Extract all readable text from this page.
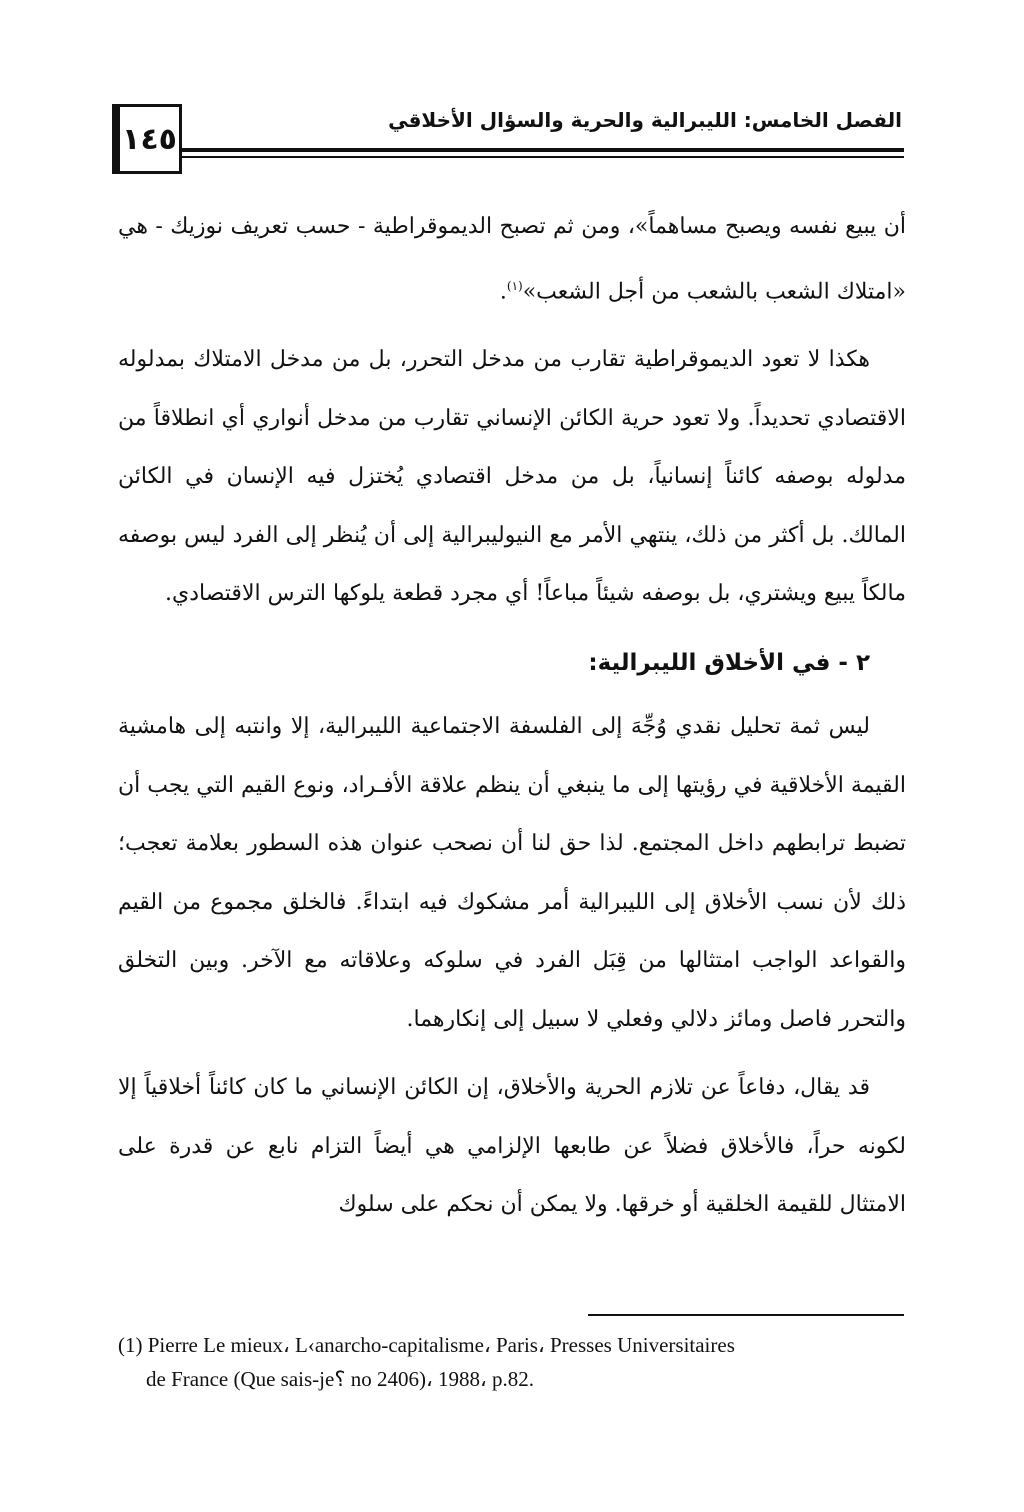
١٤٥
الفصل الخامس: الليبرالية والحرية والسؤال الأخلاقي

أن يبيع نفسه ويصبح مساهماً»، ومن ثم تصبح الديموقراطية - حسب تعريف نوزيك - هي «امتلاك الشعب بالشعب من أجل الشعب»$^{(١)}$.

هكذا لا تعود الديموقراطية تقارب من مدخل التحرر، بل من مدخل الامتلاك بمدلوله الاقتصادي تحديداً. ولا تعود حرية الكائن الإنساني تقارب من مدخل أنواري أي انطلاقاً من مدلوله بوصفه كائناً إنسانياً، بل من مدخل اقتصادي يُختزل فيه الإنسان في الكائن المالك. بل أكثر من ذلك، ينتهي الأمر مع النيوليبرالية إلى أن يُنظر إلى الفرد ليس بوصفه مالكاً يبيع ويشتري، بل بوصفه شيئاً مباعاً! أي مجرد قطعة يلوكها الترس الاقتصادي.

٢ - في الأخلاق الليبرالية:

ليس ثمة تحليل نقدي وُجِّهَ إلى الفلسفة الاجتماعية الليبرالية، إلا وانتبه إلى هامشية القيمة الأخلاقية في رؤيتها إلى ما ينبغي أن ينظم علاقة الأفـراد، ونوع القيم التي يجب أن تضبط ترابطهم داخل المجتمع. لذا حق لنا أن نصحب عنوان هذه السطور بعلامة تعجب؛ ذلك لأن نسب الأخلاق إلى الليبرالية أمر مشكوك فيه ابتداءً. فالخلق مجموع من القيم والقواعد الواجب امتثالها من قِبَل الفرد في سلوكه وعلاقاته مع الآخر. وبين التخلق والتحرر فاصل ومائز دلالي وفعلي لا سبيل إلى إنكارهما.

قد يقال، دفاعاً عن تلازم الحرية والأخلاق، إن الكائن الإنساني ما كان كائناً أخلاقياً إلا لكونه حراً، فالأخلاق فضلاً عن طابعها الإلزامي هي أيضاً التزام نابع عن قدرة على الامتثال للقيمة الخلقية أو خرقها. ولا يمكن أن نحكم على سلوك

(1) Pierre Le mieux، L‹anarcho-capitalisme، Paris، Presses Universitaires
de France (Que sais-je؟ no 2406)، 1988، p.82.
